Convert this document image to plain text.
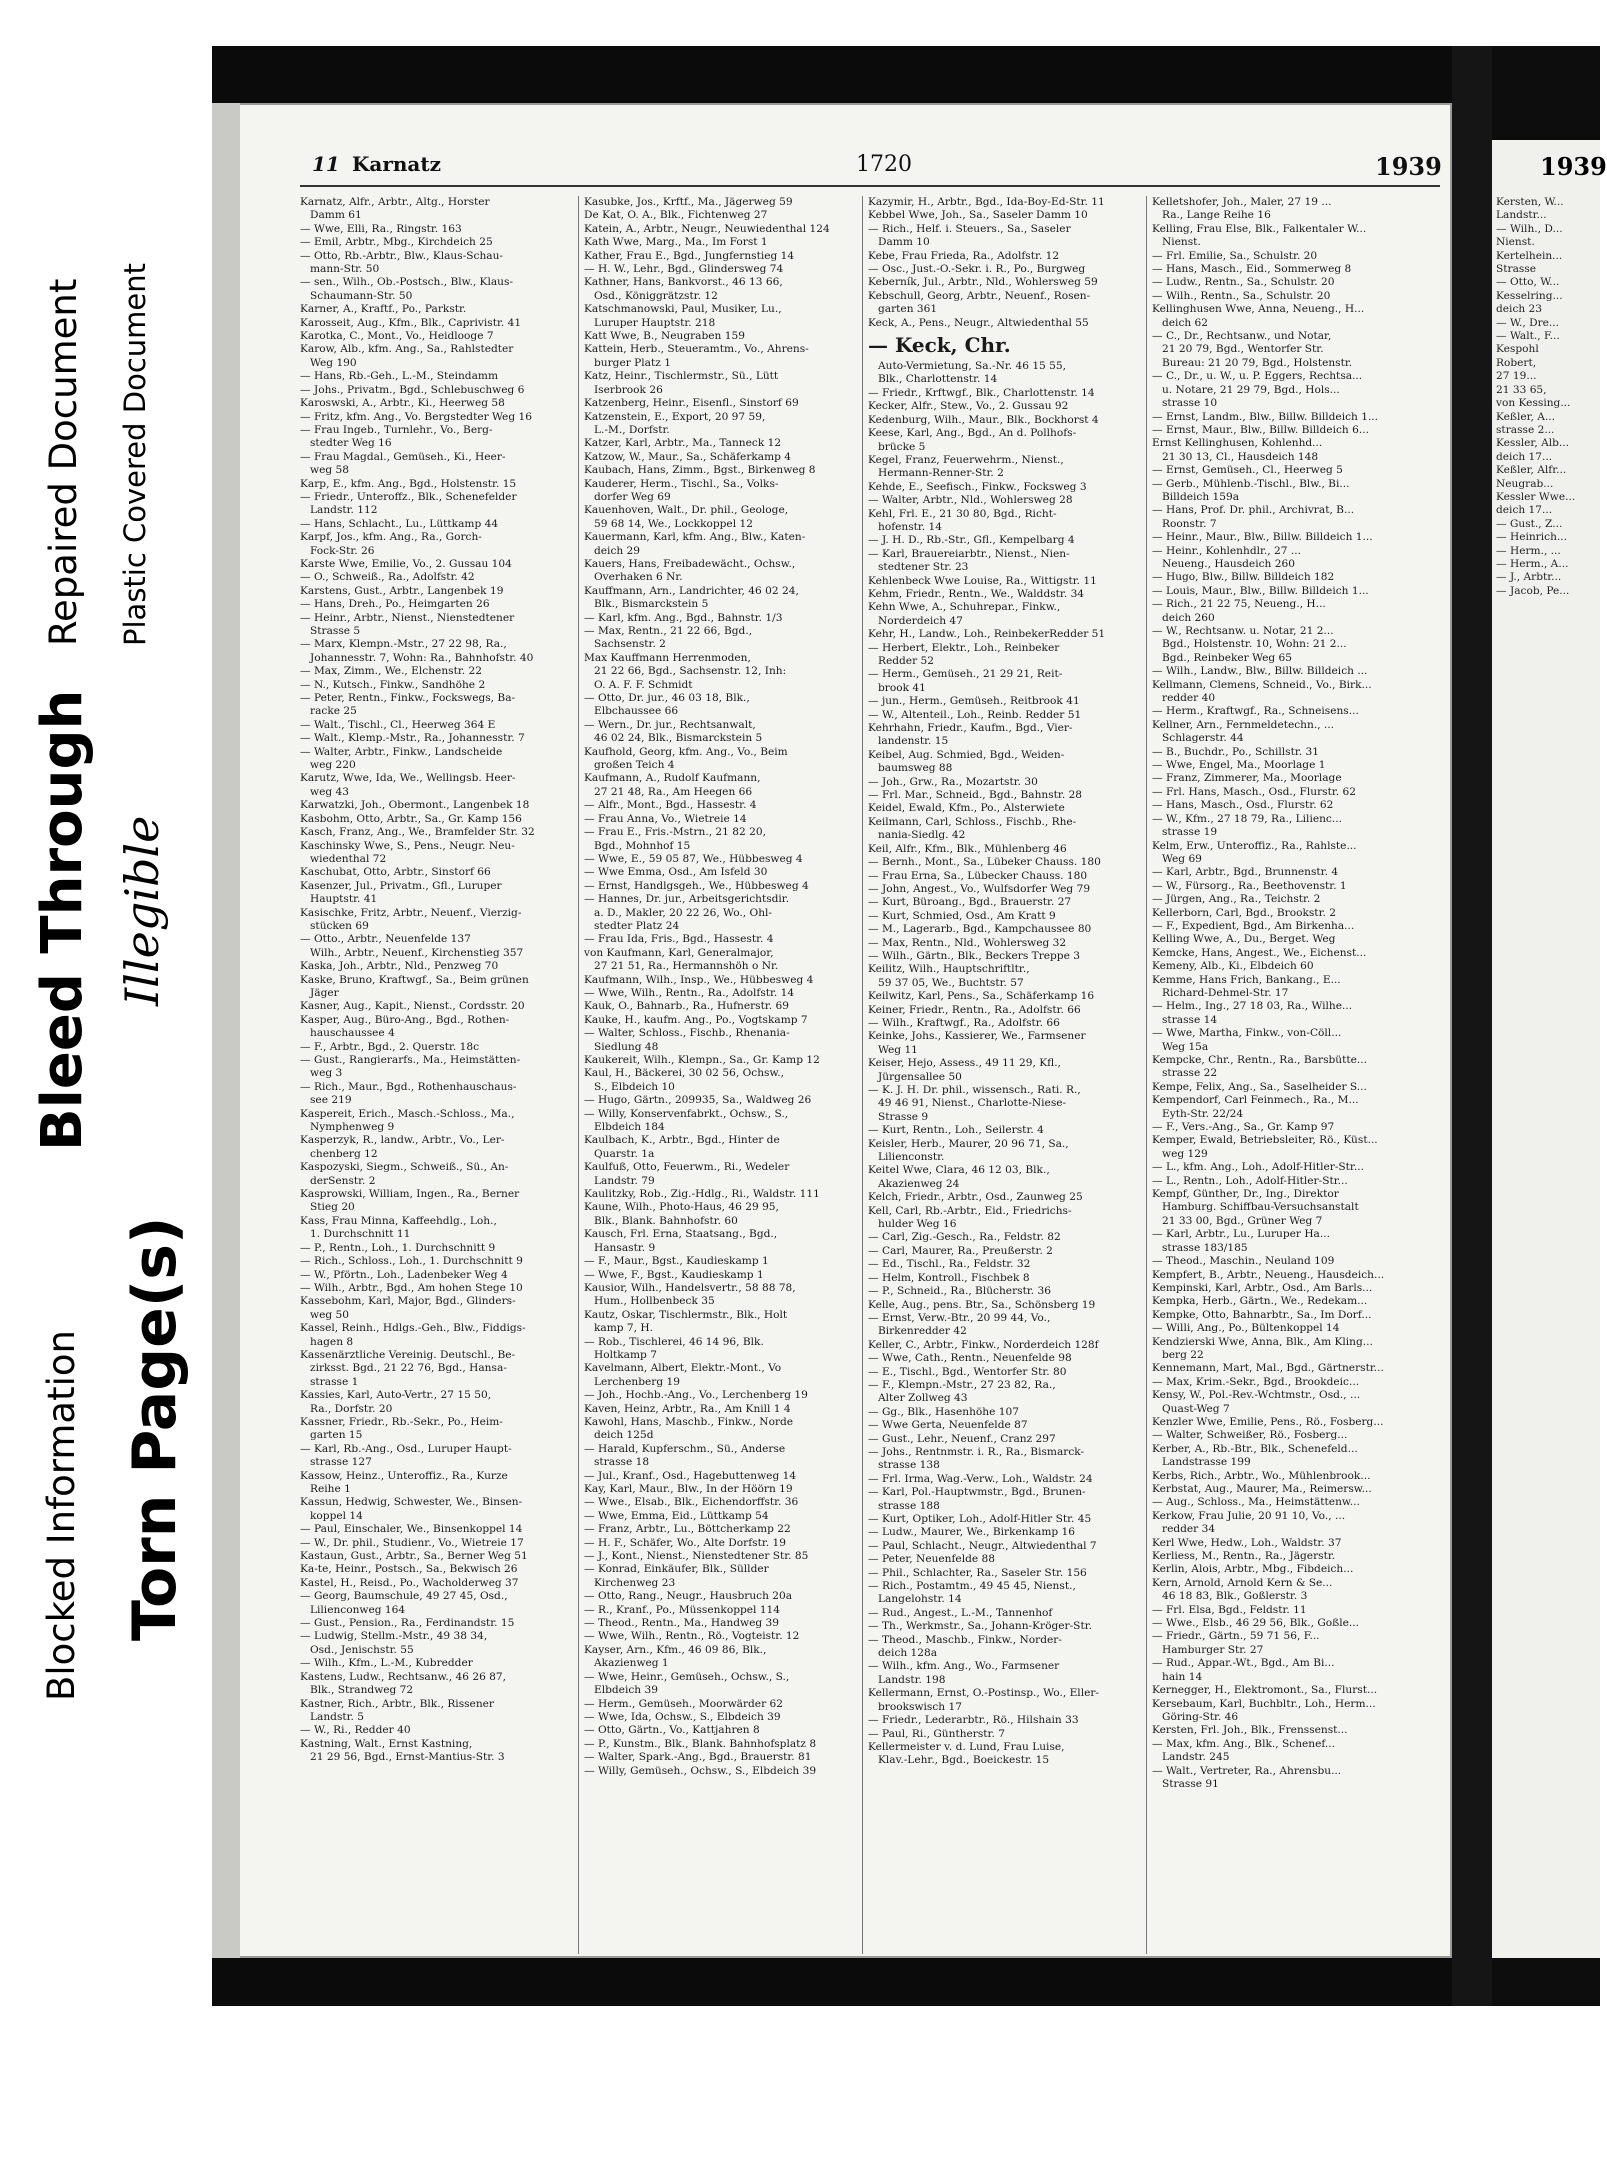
Repaired Document Plastic Covered Document
Bleed Through Illegible
Blocked Information Torn Page(s)
11 Karnatz	1720	1939
Karnatz, Alfr., Arbtr., Altg., Horster
Damm 61
— Wwe, Elli, Ra., Ringstr. 163
— Emil, Arbtr., Mbg., Kirchdeich 25
— Otto, Rb.-Arbtr., Blw., Klaus-Schau-
mann-Str. 50
— sen., Wilh., Ob.-Postsch., Blw., Klaus-
Schaumann-Str. 50
Karner, A., Kraftf., Po., Parkstr.
Karosseit, Aug., Kfm., Blk., Caprivistr. 41
Karotka, C., Mont., Vo., Heidlooge 7
Karow, Alb., kfm. Ang., Sa., Rahlstedter
Weg 190
— Hans, Rb.-Geh., L.-M., Steindamm
— Johs., Privatm., Bgd., Schlebuschweg 6
Karoswski, A., Arbtr., Ki., Heerweg 58
— Fritz, kfm. Ang., Vo. Bergstedter Weg 16
— Frau Ingeb., Turnlehr., Vo., Berg-
stedter Weg 16
— Frau Magdal., Gemüseh., Ki., Heer-
weg 58
Karp, E., kfm. Ang., Bgd., Holstenstr. 15
— Friedr., Unteroffz., Blk., Schenefelder
Landstr. 112
— Hans, Schlacht., Lu., Lüttkamp 44
Karpf, Jos., kfm. Ang., Ra., Gorch-
Fock-Str. 26
Karste Wwe, Emilie, Vo., 2. Gussau 104
— O., Schweiß., Ra., Adolfstr. 42
Karstens, Gust., Arbtr., Langenbek 19
— Hans, Dreh., Po., Heimgarten 26
— Heinr., Arbtr., Nienst., Nienstedtener
Strasse 5
— Marx, Klempn.-Mstr., 27 22 98, Ra.,
Johannesstr. 7, Wohn: Ra., Bahnhofstr. 40
— Max, Zimm., We., Elchenstr. 22
— N., Kutsch., Finkw., Sandhöhe 2
— Peter, Rentn., Finkw., Fockswegs, Ba-
racke 25
— Walt., Tischl., Cl., Heerweg 364 E
— Walt., Klemp.-Mstr., Ra., Johannesstr. 7
— Walter, Arbtr., Finkw., Landscheide
weg 220
Karutz, Wwe, Ida, We., Wellingsb. Heer-
weg 43
Karwatzki, Joh., Obermont., Langenbek 18
Kasbohm, Otto, Arbtr., Sa., Gr. Kamp 156
Kasch, Franz, Ang., We., Bramfelder Str. 32
Kaschinsky Wwe, S., Pens., Neugr. Neu-
wiedenthal 72
Kaschubat, Otto, Arbtr., Sinstorf 66
Kasenzer, Jul., Privatm., Gfl., Luruper
Hauptstr. 41
Kasischke, Fritz, Arbtr., Neuenf., Vierzig-
stücken 69
— Otto., Arbtr., Neuenfelde 137
Wilh., Arbtr., Neuenf., Kirchenstieg 357
Kaska, Joh., Arbtr., Nld., Penzweg 70
Kaske, Bruno, Kraftwgf., Sa., Beim grünen
Jäger
Kasner, Aug., Kapit., Nienst., Cordsstr. 20
Kasper, Aug., Büro-Ang., Bgd., Rothen-
hauschaussee 4
— F., Arbtr., Bgd., 2. Querstr. 18c
— Gust., Rangierarfs., Ma., Heimstätten-
weg 3
— Rich., Maur., Bgd., Rothenhauschaus-
see 219
Kaspereit, Erich., Masch.-Schloss., Ma.,
Nymphenweg 9
Kasperzyk, R., landw., Arbtr., Vo., Ler-
chenberg 12
Kaspozyski, Siegm., Schweiß., Sü., An-
derSenstr. 2
Kasprowski, William, Ingen., Ra., Berner
Stieg 20
Kass, Frau Minna, Kaffeehdlg., Loh.,
1. Durchschnitt 11
— P., Rentn., Loh., 1. Durchschnitt 9
— Rich., Schloss., Loh., 1. Durchschnitt 9
— W., Pförtn., Loh., Ladenbeker Weg 4
— Wilh., Arbtr., Bgd., Am hohen Stege 10
Kassebohm, Karl, Major, Bgd., Glinders-
weg 50
Kassel, Reinh., Hdlgs.-Geh., Blw., Fiddigs-
hagen 8
Kassenärztliche Vereinig. Deutschl., Be-
zirksst. Bgd., 21 22 76, Bgd., Hansa-
strasse 1
Kassies, Karl, Auto-Vertr., 27 15 50,
Ra., Dorfstr. 20
Kassner, Friedr., Rb.-Sekr., Po., Heim-
garten 15
— Karl, Rb.-Ang., Osd., Luruper Haupt-
strasse 127
Kassow, Heinz., Unteroffiz., Ra., Kurze
Reihe 1
Kassun, Hedwig, Schwester, We., Binsen-
koppel 14
— Paul, Einschaler, We., Binsenkoppel 14
— W., Dr. phil., Studienr., Vo., Wietreie 17
Kastaun, Gust., Arbtr., Sa., Berner Weg 51
Ka-te, Heinr., Postsch., Sa., Bekwisch 26
Kastel, H., Reisd., Po., Wacholderweg 37
— Georg, Baumschule, 49 27 45, Osd.,
Lilienconweg 164
— Gust., Pension., Ra., Ferdinandstr. 15
— Ludwig, Stellm.-Mstr., 49 38 34,
Osd., Jenischstr. 55
— Wilh., Kfm., L.-M., Kubredder
Kastens, Ludw., Rechtsanw., 46 26 87,
Blk., Strandweg 72
Kastner, Rich., Arbtr., Blk., Rissener
Landstr. 5
— W., Ri., Redder 40
Kastning, Walt., Ernst Kastning,
21 29 56, Bgd., Ernst-Mantius-Str. 3
Kasubke, Jos., Krftf., Ma., Jägerweg 59
De Kat, O. A., Blk., Fichtenweg 27
Katein, A., Arbtr., Neugr., Neuwiedenthal 124
Kath Wwe, Marg., Ma., Im Forst 1
Kather, Frau E., Bgd., Jungfernstieg 14
— H. W., Lehr., Bgd., Glindersweg 74
Kathner, Hans, Bankvorst., 46 13 66,
Osd., Königgrätzstr. 12
Katschmanowski, Paul, Musiker, Lu.,
Luruper Hauptstr. 218
Katt Wwe, B., Neugraben 159
Kattein, Herb., Steueramtm., Vo., Ahrens-
burger Platz 1
Katz, Heinr., Tischlermstr., Sü., Lütt
Iserbrook 26
Katzenberg, Heinr., Eisenfl., Sinstorf 69
Katzenstein, E., Export, 20 97 59,
L.-M., Dorfstr.
Katzer, Karl, Arbtr., Ma., Tanneck 12
Katzow, W., Maur., Sa., Schäferkamp 4
Kaubach, Hans, Zimm., Bgst., Birkenweg 8
Kauderer, Herm., Tischl., Sa., Volks-
dorfer Weg 69
Kauenhoven, Walt., Dr. phil., Geologe,
59 68 14, We., Lockkoppel 12
Kauermann, Karl, kfm. Ang., Blw., Katen-
deich 29
Kauers, Hans, Freibadewächt., Ochsw.,
Overhaken 6 Nr.
Kauffmann, Arn., Landrichter, 46 02 24,
Blk., Bismarckstein 5
— Karl, kfm. Ang., Bgd., Bahnstr. 1/3
— Max, Rentn., 21 22 66, Bgd.,
Sachsenstr. 2
Max Kauffmann Herrenmoden,
21 22 66, Bgd., Sachsenstr. 12, Inh:
O. A. F. F. Schmidt
— Otto, Dr. jur., 46 03 18, Blk.,
Elbchaussee 66
— Wern., Dr. jur., Rechtsanwalt,
46 02 24, Blk., Bismarckstein 5
Kaufhold, Georg, kfm. Ang., Vo., Beim
großen Teich 4
Kaufmann, A., Rudolf Kaufmann,
27 21 48, Ra., Am Heegen 66
— Alfr., Mont., Bgd., Hassestr. 4
— Frau Anna, Vo., Wietreie 14
— Frau E., Fris.-Mstrn., 21 82 20,
Bgd., Mohnhof 15
— Wwe, E., 59 05 87, We., Hübbesweg 4
— Wwe Emma, Osd., Am Isfeld 30
— Ernst, Handlgsgeh., We., Hübbesweg 4
— Hannes, Dr. jur., Arbeitsgerichtsdir.
a. D., Makler, 20 22 26, Wo., Ohl-
stedter Platz 24
— Frau Ida, Fris., Bgd., Hassestr. 4
von Kaufmann, Karl, Generalmajor,
27 21 51, Ra., Hermannshöh o Nr.
Kaufmann, Wilh., Insp., We., Hübbesweg 4
— Wwe, Wilh., Rentn., Ra., Adolfstr. 14
Kauk, O., Bahnarb., Ra., Hufnerstr. 69
Kauke, H., kaufm. Ang., Po., Vogtskamp 7
— Walter, Schloss., Fischb., Rhenania-
Siedlung 48
Kaukereit, Wilh., Klempn., Sa., Gr. Kamp 12
Kaul, H., Bäckerei, 30 02 56, Ochsw.,
S., Elbdeich 10
— Hugo, Gärtn., 209935, Sa., Waldweg 26
— Willy, Konservenfabrkt., Ochsw., S.,
Elbdeich 184
Kaulbach, K., Arbtr., Bgd., Hinter de
Quarstr. 1a
Kaulfuß, Otto, Feuerwm., Ri., Wedeler
Landstr. 79
Kaulitzky, Rob., Zig.-Hdlg., Ri., Waldstr. 111
Kaune, Wilh., Photo-Haus, 46 29 95,
Blk., Blank. Bahnhofstr. 60
Kausch, Frl. Erna, Staatsang., Bgd.,
Hansastr. 9
— F., Maur., Bgst., Kaudieskamp 1
— Wwe, F., Bgst., Kaudieskamp 1
Kausior, Wilh., Handelsvertr., 58 88 78,
Hum., Hollbenbeck 35
Kautz, Oskar, Tischlermstr., Blk., Holt
kamp 7, H.
— Rob., Tischlerei, 46 14 96, Blk.
Holtkamp 7
Kavelmann, Albert, Elektr.-Mont., Vo
Lerchenberg 19
— Joh., Hochb.-Ang., Vo., Lerchenberg 19
Kaven, Heinz, Arbtr., Ra., Am Knill 1 4
Kawohl, Hans, Maschb., Finkw., Norde
deich 125d
— Harald, Kupferschm., Sü., Anderse
strasse 18
— Jul., Kranf., Osd., Hagebuttenweg 14
Kay, Karl, Maur., Blw., In der Höörn 19
— Wwe., Elsab., Blk., Eichendorffstr. 36
— Wwe, Emma, Eid., Lüttkamp 54
— Franz, Arbtr., Lu., Böttcherkamp 22
— H. F., Schäfer, Wo., Alte Dorfstr. 19
— J., Kont., Nienst., Nienstedtener Str. 85
— Konrad, Einkäufer, Blk., Süllder
Kirchenweg 23
— Otto, Rang., Neugr., Hausbruch 20a
— R., Kranf., Po., Müssenkoppel 114
— Theod., Rentn., Ma., Handweg 39
— Wwe, Wilh., Rentn., Rö., Vogteistr. 12
Kayser, Arn., Kfm., 46 09 86, Blk.,
Akazienweg 1
— Wwe, Heinr., Gemüseh., Ochsw., S.,
Elbdeich 39
— Herm., Gemüseh., Moorwärder 62
— Wwe, Ida, Ochsw., S., Elbdeich 39
— Otto, Gärtn., Vo., Kattjahren 8
— P., Kunstm., Blk., Blank. Bahnhofsplatz 8
— Walter, Spark.-Ang., Bgd., Brauerstr. 81
— Willy, Gemüseh., Ochsw., S., Elbdeich 39
Kazymir, H., Arbtr., Bgd., Ida-Boy-Ed-Str. 11
Kebbel Wwe, Joh., Sa., Saseler Damm 10
— Rich., Helf. i. Steuers., Sa., Saseler
Damm 10
Kebe, Frau Frieda, Ra., Adolfstr. 12
— Osc., Just.-O.-Sekr. i. R., Po., Burgweg
Keberník, Jul., Arbtr., Nld., Wohlersweg 59
Kebschull, Georg, Arbtr., Neuenf., Rosen-
garten 361
Keck, A., Pens., Neugr., Altwiedenthal 55
— Keck, Chr.
Auto-Vermietung, Sa.-Nr. 46 15 55,
Blk., Charlottenstr. 14
— Friedr., Krftwgf., Blk., Charlottenstr. 14
Kecker, Alfr., Stew., Vo., 2. Gussau 92
Kedenburg, Wilh., Maur., Blk., Bockhorst 4
Keese, Karl, Ang., Bgd., An d. Pollhofs-
brücke 5
Kegel, Franz, Feuerwehrm., Nienst.,
Hermann-Renner-Str. 2
Kehde, E., Seefisch., Finkw., Focksweg 3
— Walter, Arbtr., Nld., Wohlersweg 28
Kehl, Frl. E., 21 30 80, Bgd., Richt-
hofenstr. 14
— J. H. D., Rb.-Str., Gfl., Kempelbarg 4
— Karl, Brauereiarbtr., Nienst., Nien-
stedtener Str. 23
Kehlenbeck Wwe Louise, Ra., Wittigstr. 11
Kehm, Friedr., Rentn., We., Walddstr. 34
Kehn Wwe, A., Schuhrepar., Finkw.,
Norderdeich 47
Kehr, H., Landw., Loh., ReinbekerRedder 51
— Herbert, Elektr., Loh., Reinbeker
Redder 52
— Herm., Gemüseh., 21 29 21, Reit-
brook 41
— jun., Herm., Gemüseh., Reitbrook 41
— W., Altenteil., Loh., Reinb. Redder 51
Kehrhahn, Friedr., Kaufm., Bgd., Vier-
landenstr. 15
Keibel, Aug. Schmied, Bgd., Weiden-
baumsweg 88
— Joh., Grw., Ra., Mozartstr. 30
— Frl. Mar., Schneid., Bgd., Bahnstr. 28
Keidel, Ewald, Kfm., Po., Alsterwiete
Keilmann, Carl, Schloss., Fischb., Rhe-
nania-Siedlg. 42
Keil, Alfr., Kfm., Blk., Mühlenberg 46
— Bernh., Mont., Sa., Lübeker Chauss. 180
— Frau Erna, Sa., Lübecker Chauss. 180
— John, Angest., Vo., Wulfsdorfer Weg 79
— Kurt, Büroang., Bgd., Brauerstr. 27
— Kurt, Schmied, Osd., Am Kratt 9
— M., Lagerarb., Bgd., Kampchaussee 80
— Max, Rentn., Nld., Wohlersweg 32
— Wilh., Gärtn., Blk., Beckers Treppe 3
Keilitz, Wilh., Hauptschriftltr.,
59 37 05, We., Buchtstr. 57
Keilwitz, Karl, Pens., Sa., Schäferkamp 16
Keiner, Friedr., Rentn., Ra., Adolfstr. 66
— Wilh., Kraftwgf., Ra., Adolfstr. 66
Keinke, Johs., Kassierer, We., Farmsener
Weg 11
Keiser, Hejo, Assess., 49 11 29, Kfl.,
Jürgensallee 50
— K. J. H. Dr. phil., wissensch., Rati. R.,
49 46 91, Nienst., Charlotte-Niese-
Strasse 9
— Kurt, Rentn., Loh., Seilerstr. 4
Keisler, Herb., Maurer, 20 96 71, Sa.,
Lilienconstr.
Keitel Wwe, Clara, 46 12 03, Blk.,
Akazienweg 24
Kelch, Friedr., Arbtr., Osd., Zaunweg 25
Kell, Carl, Rb.-Arbtr., Eid., Friedrichs-
hulder Weg 16
— Carl, Zig.-Gesch., Ra., Feldstr. 82
— Carl, Maurer, Ra., Preußerstr. 2
— Ed., Tischl., Ra., Feldstr. 32
— Helm, Kontroll., Fischbek 8
— P., Schneid., Ra., Blücherstr. 36
Kelle, Aug., pens. Btr., Sa., Schönsberg 19
— Ernst, Verw.-Btr., 20 99 44, Vo.,
Birkenredder 42
Keller, C., Arbtr., Finkw., Norderdeich 128f
— Wwe, Cath., Rentn., Neuenfelde 98
— E., Tischl., Bgd., Wentorfer Str. 80
— F., Klempn.-Mstr., 27 23 82, Ra.,
Alter Zollweg 43
— Gg., Blk., Hasenhöhe 107
— Wwe Gerta, Neuenfelde 87
— Gust., Lehr., Neuenf., Cranz 297
— Johs., Rentnmstr. i. R., Ra., Bismarck-
strasse 138
— Frl. Irma, Wag.-Verw., Loh., Waldstr. 24
— Karl, Pol.-Hauptwmstr., Bgd., Brunen-
strasse 188
— Kurt, Optiker, Loh., Adolf-Hitler Str. 45
— Ludw., Maurer, We., Birkenkamp 16
— Paul, Schlacht., Neugr., Altwiedenthal 7
— Peter, Neuenfelde 88
— Phil., Schlachter, Ra., Saseler Str. 156
— Rich., Postamtm., 49 45 45, Nienst.,
Langelohstr. 14
— Rud., Angest., L.-M., Tannenhof
— Th., Werkmstr., Sa., Johann-Kröger-Str.
— Theod., Maschb., Finkw., Norder-
deich 128a
— Wilh., kfm. Ang., Wo., Farmsener
Landstr. 198
Kellermann, Ernst, O.-Postinsp., Wo., Eller-
brookswisch 17
— Friedr., Lederarbtr., Rö., Hilshain 33
— Paul, Ri., Güntherstr. 7
Kellermeister v. d. Lund, Frau Luise,
Klav.-Lehr., Bgd., Boeickestr. 15
Kelletshofer, Joh., Maler, 27 19 ...
Ra., Lange Reihe 16
Kelling, Frau Else, Blk., Falkentaler W...
Nienst.
— Frl. Emilie, Sa., Schulstr. 20
— Hans, Masch., Eid., Sommerweg 8
— Ludw., Rentn., Sa., Schulstr. 20
— Wilh., Rentn., Sa., Schulstr. 20
Kellinghusen Wwe, Anna, Neueng., H...
deich 62
— C., Dr., Rechtsanw., und Notar,
21 20 79, Bgd., Wentorfer Str.
Bureau: 21 20 79, Bgd., Holstenstr.
— C., Dr., u. W., u. P. Eggers, Rechtsa...
u. Notare, 21 29 79, Bgd., Hols...
strasse 10
— Ernst, Landm., Blw., Billw. Billdeich 1...
— Ernst, Maur., Blw., Billw. Billdeich 6...
Ernst Kellinghusen, Kohlenhd...
21 30 13, Cl., Hausdeich 148
— Ernst, Gemüseh., Cl., Heerweg 5
— Gerb., Mühlenb.-Tischl., Blw., Bi...
Billdeich 159a
— Hans, Prof. Dr. phil., Archivrat, B...
Roonstr. 7
— Heinr., Maur., Blw., Billw. Billdeich 1...
— Heinr., Kohlenhdlr., 27 ...
Neueng., Hausdeich 260
— Hugo, Blw., Billw. Billdeich 182
— Louis, Maur., Blw., Billw. Billdeich 1...
— Rich., 21 22 75, Neueng., H...
deich 260
— W., Rechtsanw. u. Notar, 21 2...
Bgd., Holstenstr. 10, Wohn: 21 2...
Bgd., Reinbeker Weg 65
— Wilh., Landw., Blw., Billw. Billdeich ...
Kellmann, Clemens, Schneid., Vo., Birk...
redder 40
— Herm., Kraftwgf., Ra., Schneisens...
Kellner, Arn., Fernmeldetechn., ...
Schlagerstr. 44
— B., Buchdr., Po., Schillstr. 31
— Wwe, Engel, Ma., Moorlage 1
— Franz, Zimmerer, Ma., Moorlage
— Frl. Hans, Masch., Osd., Flurstr. 62
— Hans, Masch., Osd., Flurstr. 62
— W., Kfm., 27 18 79, Ra., Lilienc...
strasse 19
Kelm, Erw., Unteroffiz., Ra., Rahlste...
Weg 69
— Karl, Arbtr., Bgd., Brunnenstr. 4
— W., Fürsorg., Ra., Beethovenstr. 1
— Jürgen, Ang., Ra., Teichstr. 2
Kellerborn, Carl, Bgd., Brookstr. 2
— F., Expedient, Bgd., Am Birkenha...
Kelling Wwe, A., Du., Berget. Weg
Kemcke, Hans, Angest., We., Eichenst...
Kemeny, Alb., Ki., Elbdeich 60
Kemme, Hans Frich, Bankang., E...
Richard-Dehmel-Str. 17
— Helm., Ing., 27 18 03, Ra., Wilhe...
strasse 14
— Wwe, Martha, Finkw., von-Cöll...
Weg 15a
Kempcke, Chr., Rentn., Ra., Barsbütte...
strasse 22
Kempe, Felix, Ang., Sa., Saselheider S...
Kempendorf, Carl Feinmech., Ra., M...
Eyth-Str. 22/24
— F., Vers.-Ang., Sa., Gr. Kamp 97
Kemper, Ewald, Betriebsleiter, Rö., Küst...
weg 129
— L., kfm. Ang., Loh., Adolf-Hitler-Str...
— L., Rentn., Loh., Adolf-Hitler-Str...
Kempf, Günther, Dr., Ing., Direktor
Hamburg. Schiffbau-Versuchsanstalt
21 33 00, Bgd., Grüner Weg 7
— Karl, Arbtr., Lu., Luruper Ha...
strasse 183/185
— Theod., Maschin., Neuland 109
Kempfert, B., Arbtr., Neueng., Hausdeich...
Kempinski, Karl, Arbtr., Osd., Am Barls...
Kempka, Herb., Gärtn., We., Redekam...
Kempke, Otto, Bahnarbtr., Sa., Im Dorf...
— Willi, Ang., Po., Bültenkoppel 14
Kendzierski Wwe, Anna, Blk., Am Kling...
berg 22
Kennemann, Mart, Mal., Bgd., Gärtnerstr...
— Max, Krim.-Sekr., Bgd., Brookdeic...
Kensy, W., Pol.-Rev.-Wchtmstr., Osd., ...
Quast-Weg 7
Kenzler Wwe, Emilie, Pens., Rö., Fosberg...
— Walter, Schweißer, Rö., Fosberg...
Kerber, A., Rb.-Btr., Blk., Schenefeld...
Landstrasse 199
Kerbs, Rich., Arbtr., Wo., Mühlenbrook...
Kerbstat, Aug., Maurer, Ma., Reimersw...
— Aug., Schloss., Ma., Heimstättenw...
Kerkow, Frau Julie, 20 91 10, Vo., ...
redder 34
Kerl Wwe, Hedw., Loh., Waldstr. 37
Kerliess, M., Rentn., Ra., Jägerstr.
Kerlin, Alois, Arbtr., Mbg., Fibdeich...
Kern, Arnold, Arnold Kern & Se...
46 18 83, Blk., Goßlerstr. 3
— Frl. Elsa, Bgd., Feldstr. 11
— Wwe., Elsb., 46 29 56, Blk., Goßle...
— Friedr., Gärtn., 59 71 56, F...
Hamburger Str. 27
— Rud., Appar.-Wt., Bgd., Am Bi...
hain 14
Kernegger, H., Elektromont., Sa., Flurst...
Kersebaum, Karl, Buchbltr., Loh., Herm...
Göring-Str. 46
Kersten, Frl. Joh., Blk., Frenssenst...
— Max, kfm. Ang., Blk., Schenef...
Landstr. 245
— Walt., Vertreter, Ra., Ahrensbu...
Strasse 91
1939
Kersten, W...
Landstr...
— Wilh., D...
Nienst.
Kertelhein...
Strasse
— Otto, W...
Kesselring...
deich 23
— W., Dre...
— Walt., F...
Kespohl
Robert,
27 19...
21 33 65,
von Kessing...
Keßler, A...
strasse 2...
Kessler, Alb...
deich 17...
Keßler, Alfr...
Neugrab...
Kessler Wwe...
deich 17...
— Gust., Z...
— Heinrich...
— Herm., ...
— Herm., A...
— J., Arbtr...
— Jacob, Pe...
